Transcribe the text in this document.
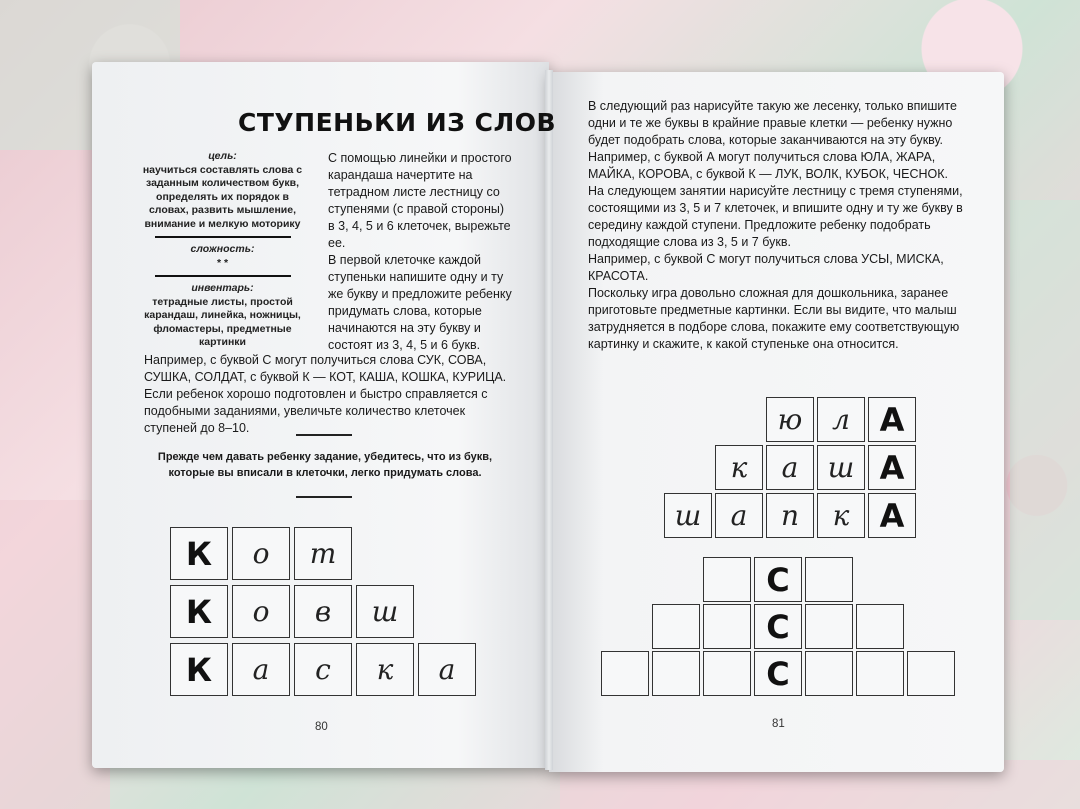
СТУПЕНЬКИ ИЗ СЛОВ
цель:
научиться составлять слова с заданным количеством букв, определять их порядок в словах, развить мышление, внимание и мелкую моторику
сложность:
* *
инвентарь:
тетрадные листы, простой карандаш, линейка, ножницы, фломастеры, предметные картинки
С помощью линейки и простого карандаша начертите на тетрадном листе лестницу со ступенями (с правой стороны) в 3, 4, 5 и 6 клеточек, вырежьте ее.
В первой клеточке каждой ступеньки напишите одну и ту же букву и предложите ребенку придумать слова, которые начинаются на эту букву и состоят из 3, 4, 5 и 6 букв.
Например, с буквой С могут получиться слова СУК, СОВА, СУШКА, СОЛДАТ, с буквой К — КОТ, КАША, КОШКА, КУРИЦА. Если ребенок хорошо подготовлен и быстро справляется с подобными заданиями, увеличьте количество клеточек ступеней до 8–10.
Прежде чем давать ребенку задание, убедитесь, что из букв, которые вы вписали в клеточки, легко придумать слова.
К о т
К о в ш
К а с к а
80
В следующий раз нарисуйте такую же лесенку, только впишите одни и те же буквы в крайние правые клетки — ребенку нужно будет подобрать слова, которые заканчиваются на эту букву.
Например, с буквой А могут получиться слова ЮЛА, ЖАРА, МАЙКА, КОРОВА, с буквой К — ЛУК, ВОЛК, КУБОК, ЧЕСНОК.
На следующем занятии нарисуйте лестницу с тремя ступенями, состоящими из 3, 5 и 7 клеточек, и впишите одну и ту же букву в середину каждой ступени. Предложите ребенку подобрать подходящие слова из 3, 5 и 7 букв.
Например, с буквой С могут получиться слова УСЫ, МИСКА, КРАСОТА.
Поскольку игра довольно сложная для дошкольника, заранее приготовьте предметные картинки. Если вы видите, что малыш затрудняется в подборе слова, покажите ему соответствующую картинку и скажите, к какой ступеньке она относится.
ю л А
к а ш А
ш а п к А
С
С
С
81
